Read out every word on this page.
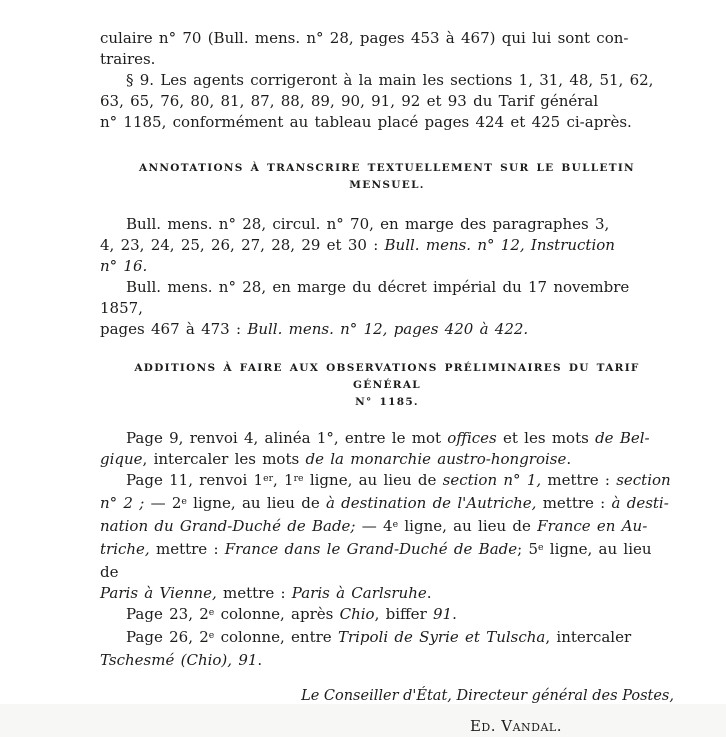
culaire n° 70 (Bull. mens. n° 28, pages 453 à 467) qui lui sont con-
traires.

§ 9. Les agents corrigeront à la main les sections 1, 31, 48, 51, 62,
63, 65, 76, 80, 81, 87, 88, 89, 90, 91, 92 et 93 du Tarif général
n° 1185, conformément au tableau placé pages 424 et 425 ci-après.

ANNOTATIONS À TRANSCRIRE TEXTUELLEMENT SUR LE BULLETIN MENSUEL.

Bull. mens. n° 28, circul. n° 70, en marge des paragraphes 3,
4, 23, 24, 25, 26, 27, 28, 29 et 30 : Bull. mens. n° 12, Instruction
n° 16.

Bull. mens. n° 28, en marge du décret impérial du 17 novembre 1857,
pages 467 à 473 : Bull. mens. n° 12, pages 420 à 422.

ADDITIONS À FAIRE AUX OBSERVATIONS PRÉLIMINAIRES DU TARIF GÉNÉRAL
N° 1185.

Page 9, renvoi 4, alinéa 1°, entre le mot offices et les mots de Bel-
gique, intercaler les mots de la monarchie austro-hongroise.

Page 11, renvoi 1er, 1re ligne, au lieu de section n° 1, mettre : section
n° 2 ; — 2e ligne, au lieu de à destination de l'Autriche, mettre : à desti-
nation du Grand-Duché de Bade; — 4e ligne, au lieu de France en Au-
triche, mettre : France dans le Grand-Duché de Bade; 5e ligne, au lieu de
Paris à Vienne, mettre : Paris à Carlsruhe.

Page 23, 2e colonne, après Chio, biffer 91.

Page 26, 2e colonne, entre Tripoli de Syrie et Tulscha, intercaler
Tschesmé (Chio), 91.

Le Conseiller d'État, Directeur général des Postes,

Ed. Vandal.
